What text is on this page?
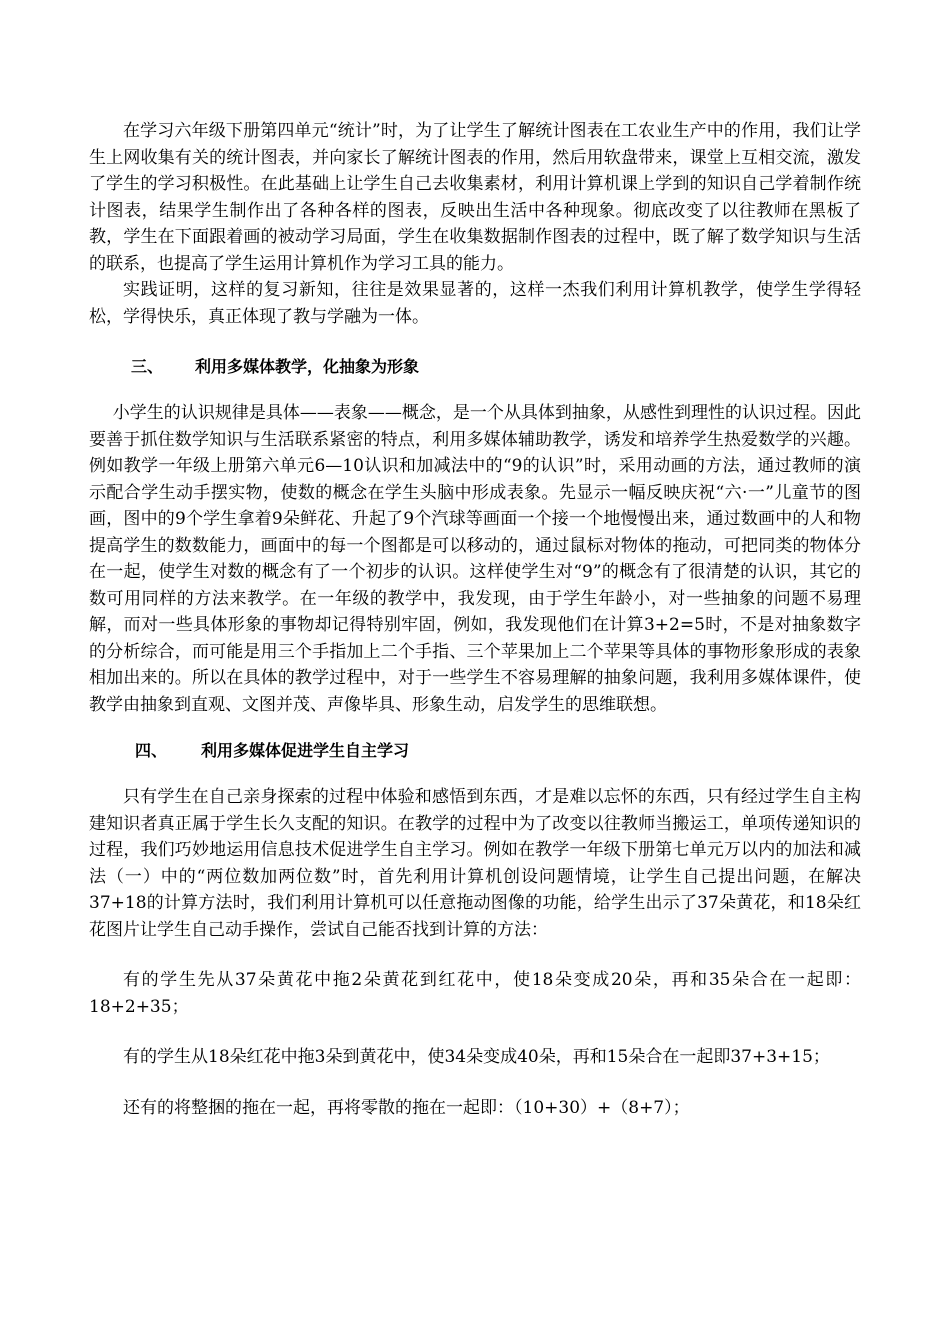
在学习六年级下册第四单元“统计”时，为了让学生了解统计图表在工农业生产中的作用，我们让学生上网收集有关的统计图表，并向家长了解统计图表的作用，然后用软盘带来，课堂上互相交流，激发了学生的学习积极性。在此基础上让学生自己去收集素材，利用计算机课上学到的知识自己学着制作统计图表，结果学生制作出了各种各样的图表，反映出生活中各种现象。彻底改变了以往教师在黑板了教，学生在下面跟着画的被动学习局面，学生在收集数据制作图表的过程中，既了解了数学知识与生活的联系，也提高了学生运用计算机作为学习工具的能力。

实践证明，这样的复习新知，往往是效果显著的，这样一杰我们利用计算机教学，使学生学得轻松，学得快乐，真正体现了教与学融为一体。

三、	利用多媒体教学，化抽象为形象

小学生的认识规律是具体——表象——概念，是一个从具体到抽象，从感性到理性的认识过程。因此要善于抓住数学知识与生活联系紧密的特点，利用多媒体辅助教学，诱发和培养学生热爱数学的兴趣。例如教学一年级上册第六单元6—10认识和加减法中的“9的认识”时，采用动画的方法，通过教师的演示配合学生动手摆实物，使数的概念在学生头脑中形成表象。先显示一幅反映庆祝“六·一”儿童节的图画，图中的9个学生拿着9朵鲜花、升起了9个汽球等画面一个接一个地慢慢出来，通过数画中的人和物提高学生的数数能力，画面中的每一个图都是可以移动的，通过鼠标对物体的拖动，可把同类的物体分在一起，使学生对数的概念有了一个初步的认识。这样使学生对“9”的概念有了很清楚的认识，其它的数可用同样的方法来教学。在一年级的教学中，我发现，由于学生年龄小，对一些抽象的问题不易理解，而对一些具体形象的事物却记得特别牢固，例如，我发现他们在计算3+2=5时，不是对抽象数字的分析综合，而可能是用三个手指加上二个手指、三个苹果加上二个苹果等具体的事物形象形成的表象相加出来的。所以在具体的教学过程中，对于一些学生不容易理解的抽象问题，我利用多媒体课件，使教学由抽象到直观、文图并茂、声像毕具、形象生动，启发学生的思维联想。

四、	利用多媒体促进学生自主学习

只有学生在自己亲身探索的过程中体验和感悟到东西，才是难以忘怀的东西，只有经过学生自主构建知识者真正属于学生长久支配的知识。在教学的过程中为了改变以往教师当搬运工，单项传递知识的过程，我们巧妙地运用信息技术促进学生自主学习。例如在教学一年级下册第七单元万以内的加法和减法（一）中的“两位数加两位数”时，首先利用计算机创设问题情境，让学生自己提出问题，在解决37+18的计算方法时，我们利用计算机可以任意拖动图像的功能，给学生出示了37朵黄花，和18朵红花图片让学生自己动手操作，尝试自己能否找到计算的方法：

有的学生先从37朵黄花中拖2朵黄花到红花中，使18朵变成20朵，再和35朵合在一起即：18+2+35；

有的学生从18朵红花中拖3朵到黄花中，使34朵变成40朵，再和15朵合在一起即37+3+15；

还有的将整捆的拖在一起，再将零散的拖在一起即：（10+30）+（8+7）；
